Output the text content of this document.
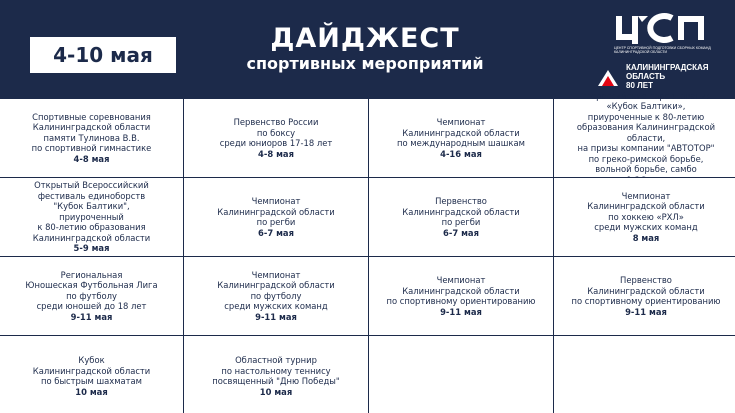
4-10 мая
ДАЙДЖЕСТ
спортивных мероприятий
ЦЕНТР СПОРТИВНОЙ ПОДГОТОВКИ СБОРНЫХ КОМАНД КАЛИНИНГРАДСКОЙ ОБЛАСТИ
КАЛИНИНГРАДСКАЯ
ОБЛАСТЬ
80 ЛЕТ
Спортивные соревнования
Калининградской области
памяти Тулинова В.В.
по спортивной гимнастике
4-8 мая
Первенство России
по боксу
среди юниоров 17-18 лет
4-8 мая
Чемпионат
Калининградской области
по международным шашкам
4-16 мая
Всероссийские соревнования
«Кубок Балтики»,
приуроченные к 80-летию
образования Калининградской области,
на призы компании "АВТОТОР"
по греко-римской борьбе,
вольной борьбе, самбо

Открытый Всероссийский
фестиваль единоборств
"Кубок Балтики",
приуроченный
к 80-летию образования
Калининградской области
5-9 мая
Чемпионат
Калининградской области
по регби
6-7 мая
Первенство
Калининградской области
по регби
6-7 мая
Чемпионат
Калининградской области
по хоккею «РХЛ»
среди мужских команд
8 мая
Региональная
Юношеская Футбольная Лига
по футболу
среди юношей до 18 лет
9-11 мая
Чемпионат
Калининградской области
по футболу
среди мужских команд
9-11 мая
Чемпионат
Калининградской области
по спортивному ориентированию
9-11 мая
Первенство
Калининградской области
по спортивному ориентированию
9-11 мая
Кубок
Калининградской области
по быстрым шахматам
10 мая
Областной турнир
по настольному теннису
посвященный "Дню Победы"
10 мая
